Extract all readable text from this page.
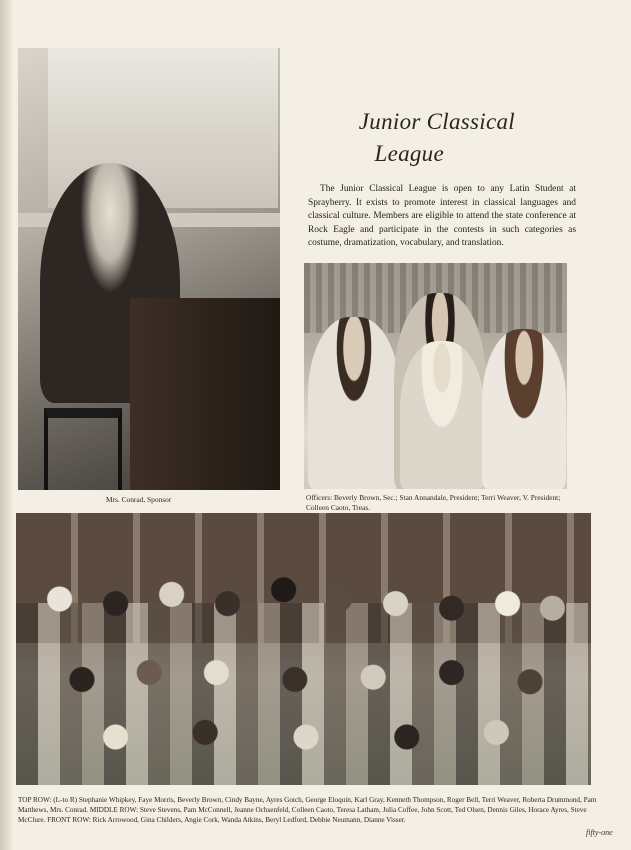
Mrs. Conrad, Sponsor
Junior Classical
League
The Junior Classical League is open to any Latin Student at Sprayberry. It exists to promote interest in classical languages and classical culture. Members are eligible to attend the state conference at Rock Eagle and participate in the contests in such categories as costume, dramatization, vocabulary, and translation.
Officers: Beverly Brown, Sec.; Stan Annandale, President; Terri Weaver, V. President; Colleen Caoto, Treas.
TOP ROW: (L-to R) Stephanie Whipkey, Faye Morris, Beverly Brown, Cindy Bayne, Ayres Gotch, George Eloquin, Karl Gray, Kenneth Thompson, Roger Bell, Terri Weaver, Roberta Drummond, Pam Matthews, Mrs. Conrad. MIDDLE ROW: Steve Stevens, Pam McConnell, Jeanne Ochsenfeld, Colleen Caoto, Teresa Latham, Julia Coffee, John Scott, Ted Olsen, Dennis Giles, Horace Ayres, Steve McClure. FRONT ROW: Rick Arrowood, Gina Childers, Angie Cork, Wanda Atkins, Beryl Ledford, Debbie Neumann, Dianne Visser.
fifty-one
